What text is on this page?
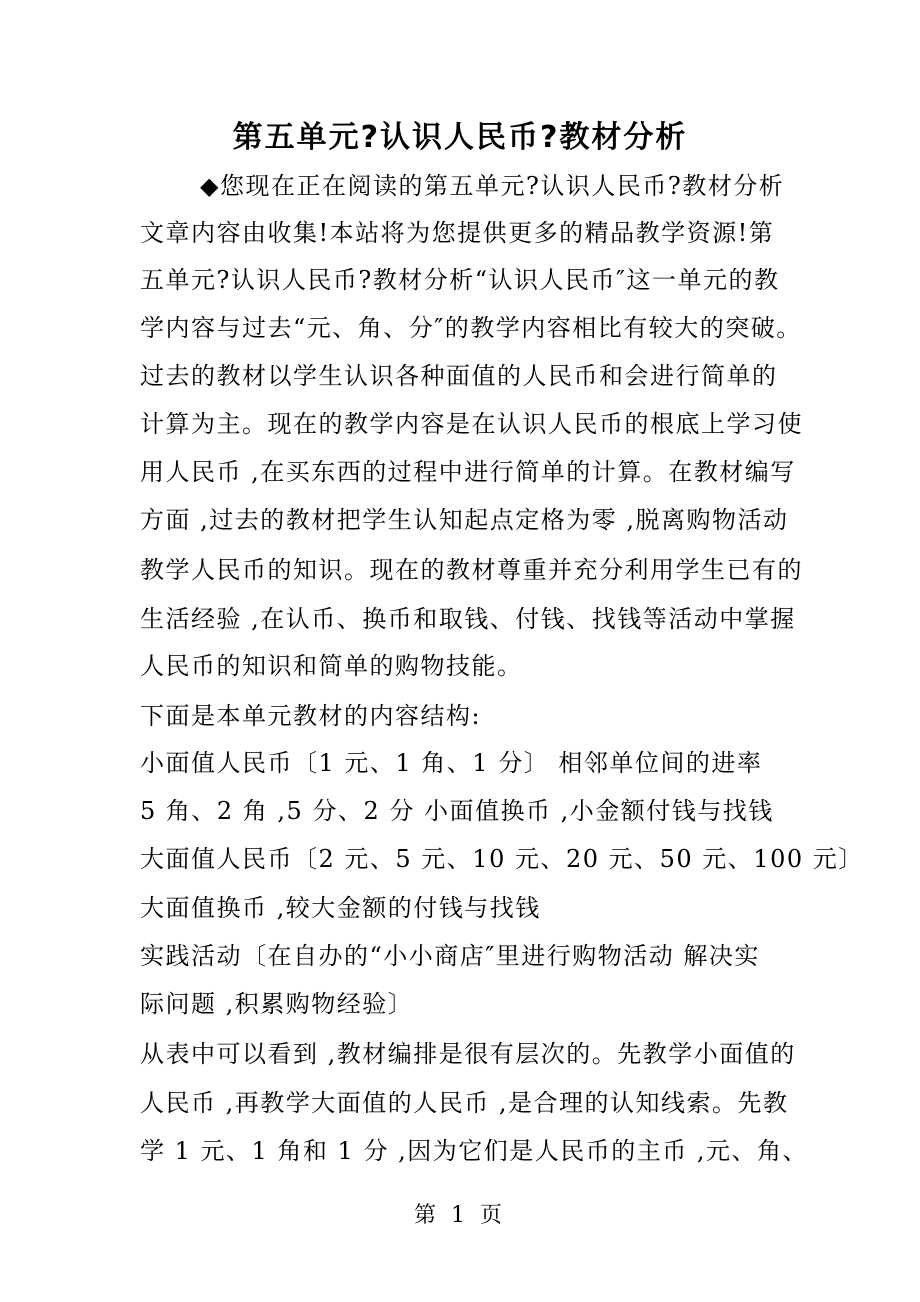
第五单元?认识人民币?教材分析
◆您现在正在阅读的第五单元?认识人民币?教材分析
文章内容由收集!本站将为您提供更多的精品教学资源!第
五单元?认识人民币?教材分析“认识人民币″这一单元的教
学内容与过去“元、角、分″的教学内容相比有较大的突破。
过去的教材以学生认识各种面值的人民币和会进行简单的
计算为主。现在的教学内容是在认识人民币的根底上学习使
用人民币 ,在买东西的过程中进行简单的计算。在教材编写
方面 ,过去的教材把学生认知起点定格为零 ,脱离购物活动
教学人民币的知识。现在的教材尊重并充分利用学生已有的
生活经验 ,在认币、换币和取钱、付钱、找钱等活动中掌握
人民币的知识和简单的购物技能。
下面是本单元教材的内容结构:
小面值人民币〔1 元、1 角、1 分〕 相邻单位间的进率
5 角、2 角 ,5 分、2 分 小面值换币 ,小金额付钱与找钱
大面值人民币〔2 元、5 元、10 元、20 元、50 元、100 元〕
大面值换币 ,较大金额的付钱与找钱
实践活动〔在自办的“小小商店″里进行购物活动 解决实
际问题 ,积累购物经验〕
从表中可以看到 ,教材编排是很有层次的。先教学小面值的
人民币 ,再教学大面值的人民币 ,是合理的认知线索。先教
学 1 元、1 角和 1 分 ,因为它们是人民币的主币 ,元、角、
第 1 页
